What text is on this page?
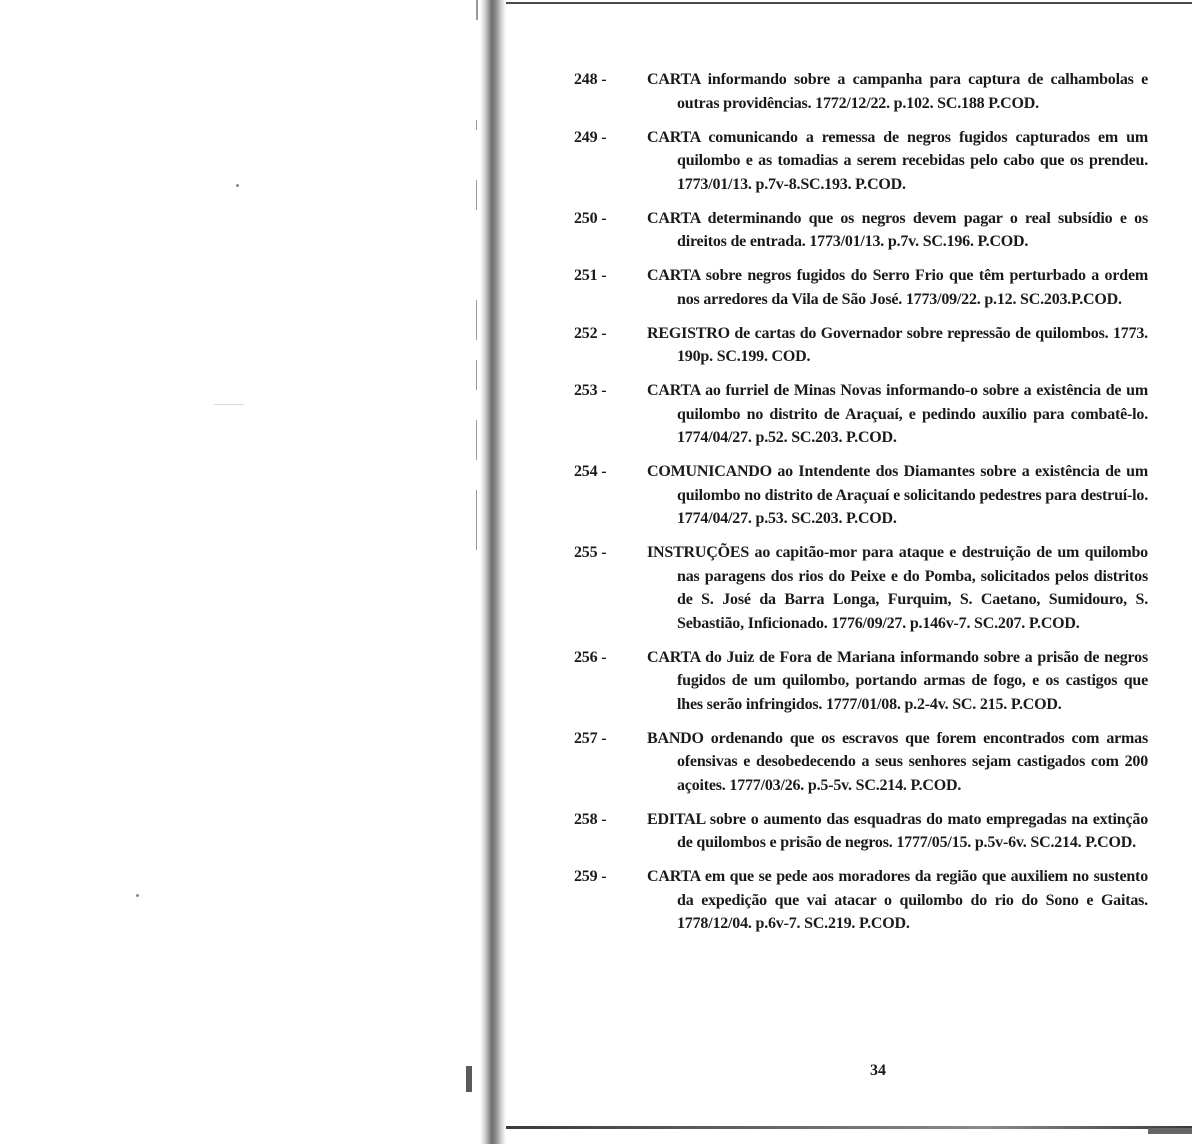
248 -	CARTA informando sobre a campanha para captura de calhambolas e outras providências. 1772/12/22. p.102. SC.188 P.COD.
249 -	CARTA comunicando a remessa de negros fugidos capturados em um quilombo e as tomadias a serem recebidas pelo cabo que os prendeu. 1773/01/13. p.7v-8.SC.193. P.COD.
250 -	CARTA determinando que os negros devem pagar o real subsídio e os direitos de entrada. 1773/01/13. p.7v. SC.196. P.COD.
251 -	CARTA sobre negros fugidos do Serro Frio que têm perturbado a ordem nos arredores da Vila de São José. 1773/09/22. p.12. SC.203.P.COD.
252 -	REGISTRO de cartas do Governador sobre repressão de quilombos. 1773. 190p. SC.199. COD.
253 -	CARTA ao furriel de Minas Novas informando-o sobre a existência de um quilombo no distrito de Araçuaí, e pedindo auxílio para combatê-lo. 1774/04/27. p.52. SC.203. P.COD.
254 -	COMUNICANDO ao Intendente dos Diamantes sobre a existência de um quilombo no distrito de Araçuaí e solicitando pedestres para destruí-lo. 1774/04/27. p.53. SC.203. P.COD.
255 -	INSTRUÇÕES ao capitão-mor para ataque e destruição de um quilombo nas paragens dos rios do Peixe e do Pomba, solicitados pelos distritos de S. José da Barra Longa, Furquim, S. Caetano, Sumidouro, S. Sebastião, Inficionado. 1776/09/27. p.146v-7. SC.207. P.COD.
256 -	CARTA do Juiz de Fora de Mariana informando sobre a prisão de negros fugidos de um quilombo, portando armas de fogo, e os castigos que lhes serão infringidos. 1777/01/08. p.2-4v. SC. 215. P.COD.
257 -	BANDO ordenando que os escravos que forem encontrados com armas ofensivas e desobedecendo a seus senhores sejam castigados com 200 açoites. 1777/03/26. p.5-5v. SC.214. P.COD.
258 -	EDITAL sobre o aumento das esquadras do mato empregadas na extinção de quilombos e prisão de negros. 1777/05/15. p.5v-6v. SC.214. P.COD.
259 -	CARTA em que se pede aos moradores da região que auxiliem no sustento da expedição que vai atacar o quilombo do rio do Sono e Gaitas. 1778/12/04. p.6v-7. SC.219. P.COD.
34
